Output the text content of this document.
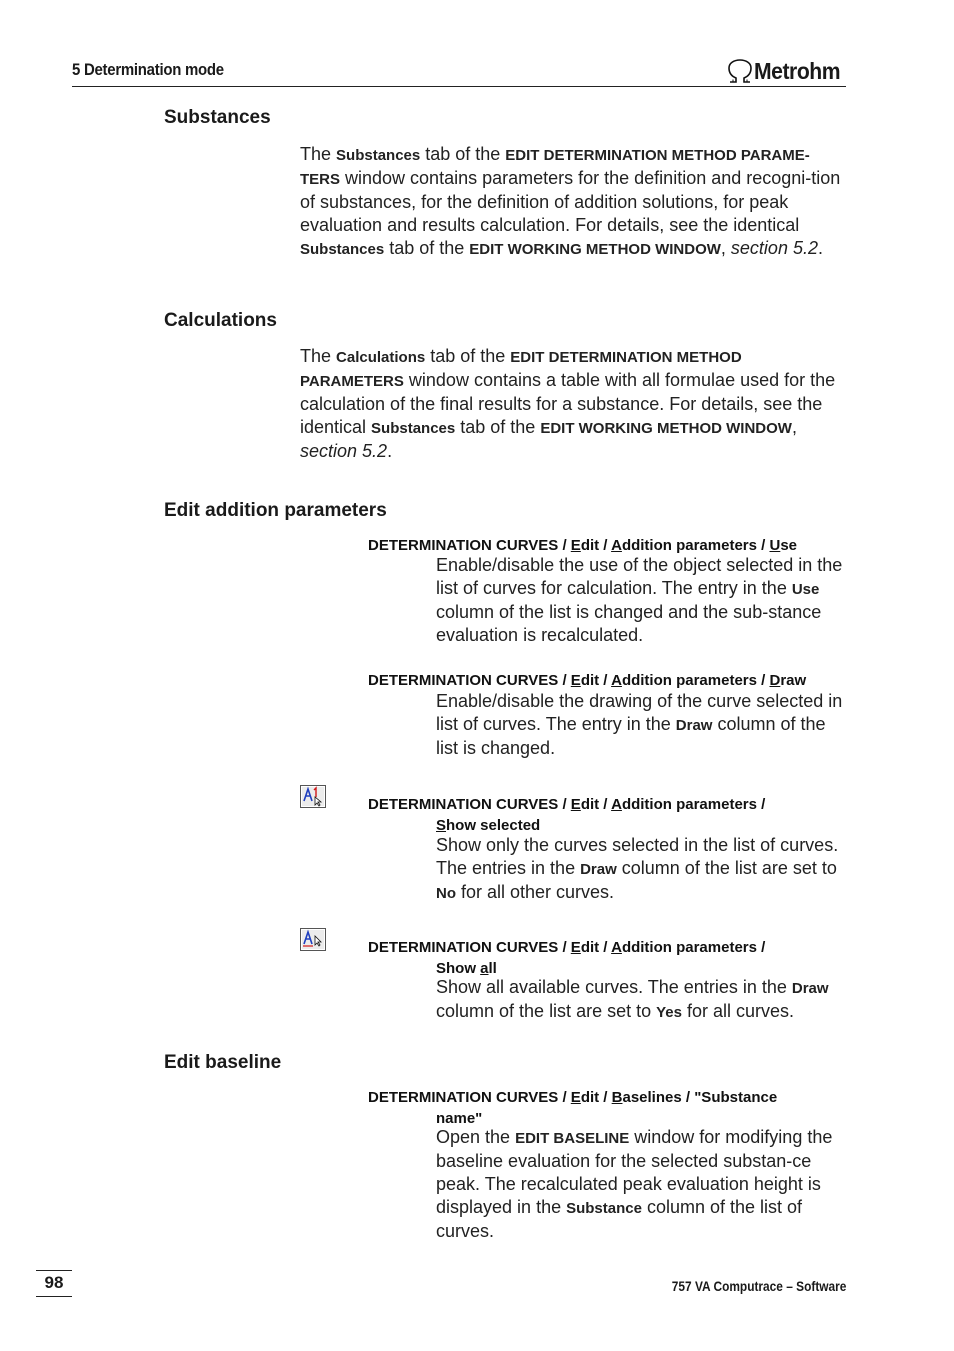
5 Determination mode	Metrohm
Substances
The Substances tab of the EDIT DETERMINATION METHOD PARAME-TERS window contains parameters for the definition and recogni-tion of substances, for the definition of addition solutions, for peak evaluation and results calculation. For details, see the identical Substances tab of the EDIT WORKING METHOD WINDOW, section 5.2.
Calculations
The Calculations tab of the EDIT DETERMINATION METHOD PARAMETERS window contains a table with all formulae used for the calculation of the final results for a substance. For details, see the identical Substances tab of the EDIT WORKING METHOD WINDOW, section 5.2.
Edit addition parameters
DETERMINATION CURVES / Edit / Addition parameters / Use
Enable/disable the use of the object selected in the list of curves for calculation. The entry in the Use column of the list is changed and the sub-stance evaluation is recalculated.
DETERMINATION CURVES / Edit / Addition parameters / Draw
Enable/disable the drawing of the curve selected in list of curves. The entry in the Draw column of the list is changed.
DETERMINATION CURVES / Edit / Addition parameters /
Show selected
Show only the curves selected in the list of curves. The entries in the Draw column of the list are set to No for all other curves.
DETERMINATION CURVES / Edit / Addition parameters /
Show all
Show all available curves. The entries in the Draw column of the list are set to Yes for all curves.
Edit baseline
DETERMINATION CURVES / Edit / Baselines / "Substance
name"
Open the EDIT BASELINE window for modifying the baseline evaluation for the selected substan-ce peak. The recalculated peak evaluation height is displayed in the Substance column of the list of curves.
98	757 VA Computrace – Software
